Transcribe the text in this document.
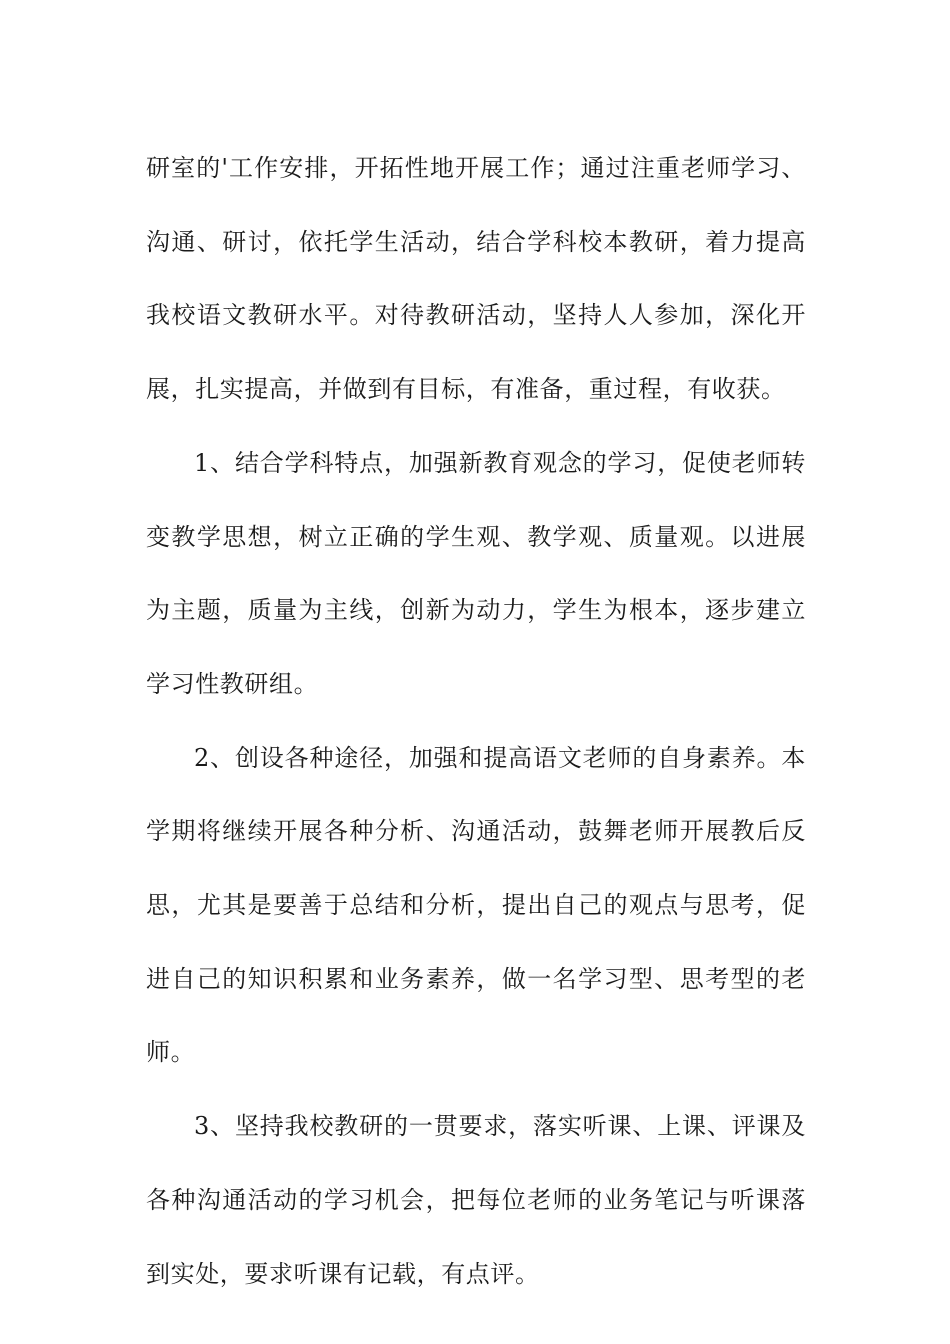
研室的'工作安排，开拓性地开展工作；通过注重老师学习、沟通、研讨，依托学生活动，结合学科校本教研，着力提高我校语文教研水平。对待教研活动，坚持人人参加，深化开展，扎实提高，并做到有目标，有准备，重过程，有收获。

1、结合学科特点，加强新教育观念的学习，促使老师转变教学思想，树立正确的学生观、教学观、质量观。以进展为主题，质量为主线，创新为动力，学生为根本，逐步建立学习性教研组。

2、创设各种途径，加强和提高语文老师的自身素养。本学期将继续开展各种分析、沟通活动，鼓舞老师开展教后反思，尤其是要善于总结和分析，提出自己的观点与思考，促进自己的知识积累和业务素养，做一名学习型、思考型的老师。

3、坚持我校教研的一贯要求，落实听课、上课、评课及各种沟通活动的学习机会，把每位老师的业务笔记与听课落到实处，要求听课有记载，有点评。
